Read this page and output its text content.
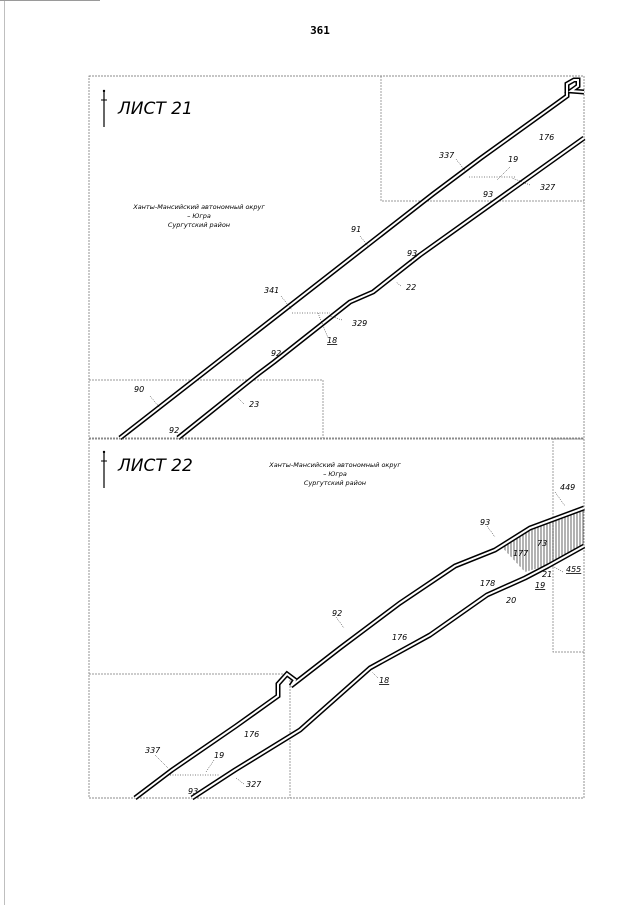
361
ЛИСТ 21
Ханты-Мансийский автономный округ
– Югра
Сургутский район
176
337	19
327
93
91
93
22
341
329
18
92
90
23
92
ЛИСТ 22	Ханты-Мансийский автономный округ
– Югра
Сургутский район	449
93
177
73
21
455
178	19
20
92
176
18
176
337
19
93
327
